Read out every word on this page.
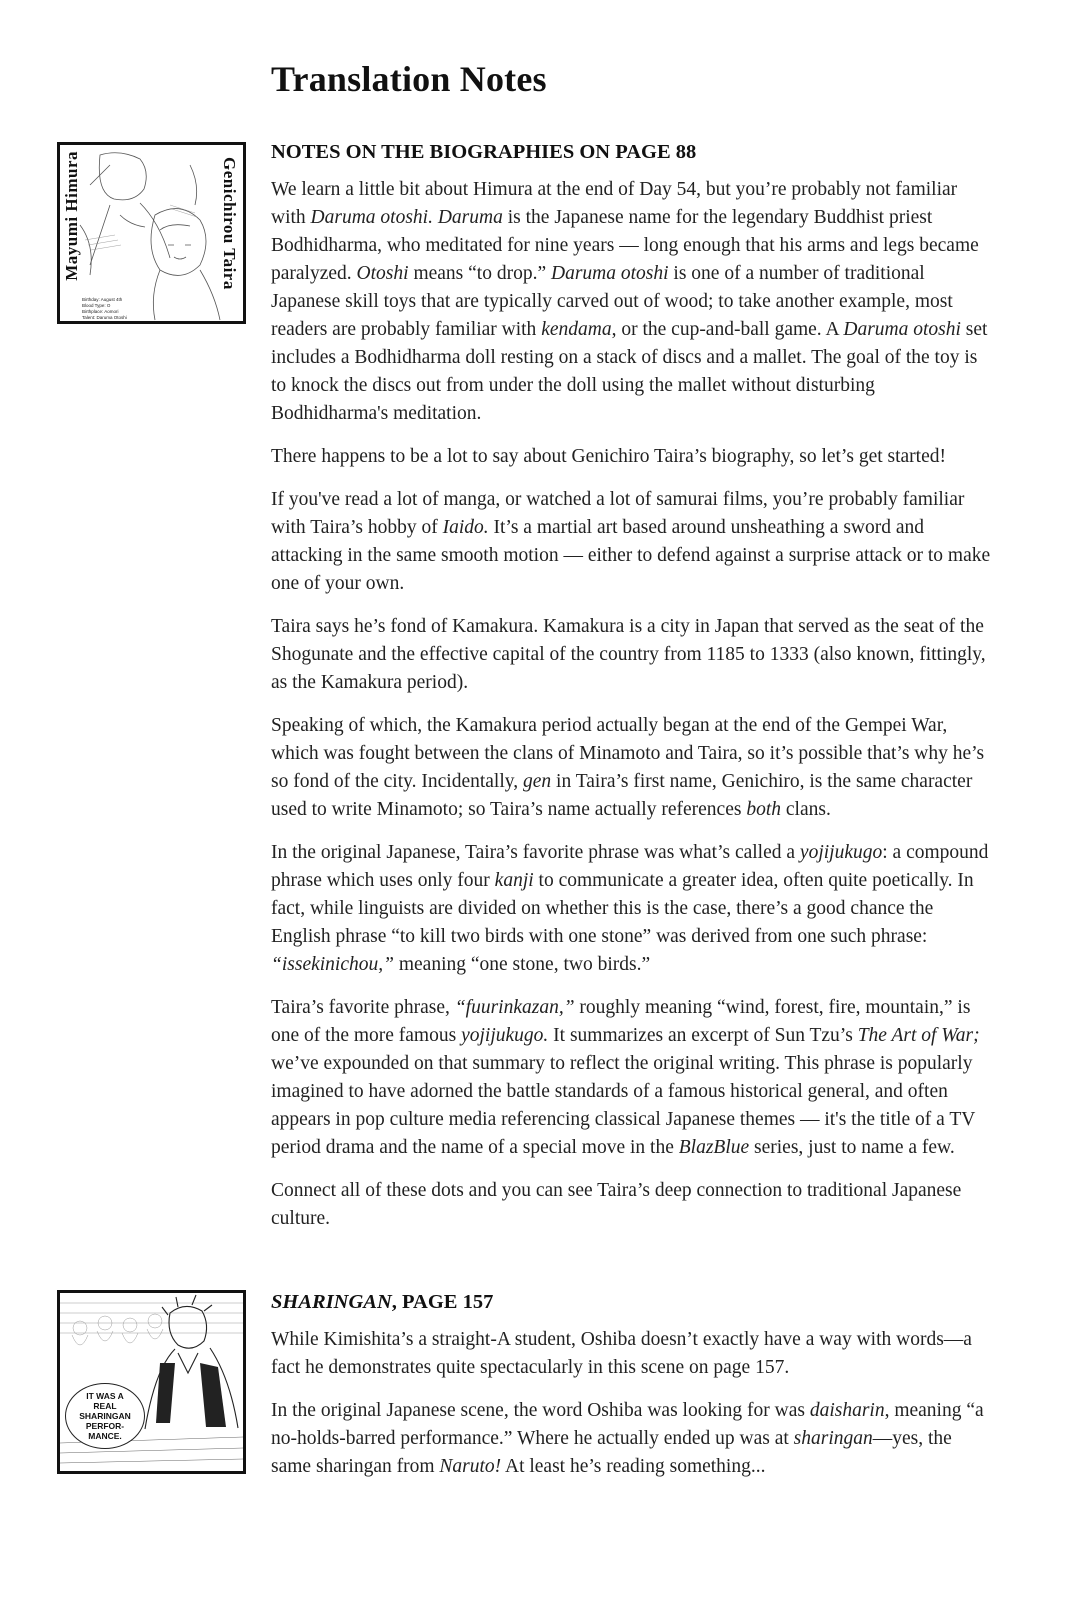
Translation Notes
Genichirou Taira
Mayumi Himura
Birthday: August 4th
Blood Type: O
Birthplace: Aomori
Talent: Daruma Otoshi
NOTES ON THE BIOGRAPHIES ON PAGE 88

We learn a little bit about Himura at the end of Day 54, but you’re probably not familiar with Daruma otoshi. Daruma is the Japanese name for the legendary Buddhist priest Bodhidharma, who meditated for nine years — long enough that his arms and legs became paralyzed. Otoshi means “to drop.” Daruma otoshi is one of a number of traditional Japanese skill toys that are typically carved out of wood; to take another example, most readers are probably familiar with kendama, or the cup-and-ball game. A Daruma otoshi set includes a Bodhidharma doll resting on a stack of discs and a mallet. The goal of the toy is to knock the discs out from under the doll using the mallet without disturbing Bodhidharma's meditation.

There happens to be a lot to say about Genichiro Taira’s biography, so let’s get started!

If you've read a lot of manga, or watched a lot of samurai films, you’re probably familiar with Taira’s hobby of Iaido. It’s a martial art based around unsheathing a sword and attacking in the same smooth motion — either to defend against a surprise attack or to make one of your own.

Taira says he’s fond of Kamakura. Kamakura is a city in Japan that served as the seat of the Shogunate and the effective capital of the country from 1185 to 1333 (also known, fittingly, as the Kamakura period).

Speaking of which, the Kamakura period actually began at the end of the Gempei War, which was fought between the clans of Minamoto and Taira, so it’s possible that’s why he’s so fond of the city. Incidentally, gen in Taira’s first name, Genichiro, is the same character used to write Minamoto; so Taira’s name actually references both clans.

In the original Japanese, Taira’s favorite phrase was what’s called a yojijukugo: a compound phrase which uses only four kanji to communicate a greater idea, often quite poetically. In fact, while linguists are divided on whether this is the case, there’s a good chance the English phrase “to kill two birds with one stone” was derived from one such phrase: “issekinichou,” meaning “one stone, two birds.”

Taira’s favorite phrase, “fuurinkazan,” roughly meaning “wind, forest, fire, mountain,” is one of the more famous yojijukugo. It summarizes an excerpt of Sun Tzu’s The Art of War; we’ve expounded on that summary to reflect the original writing. This phrase is popularly imagined to have adorned the battle standards of a famous historical general, and often appears in pop culture media referencing classical Japanese themes — it's the title of a TV period drama and the name of a special move in the BlazBlue series, just to name a few.

Connect all of these dots and you can see Taira’s deep connection to traditional Japanese culture.

IT WAS A REAL SHARINGAN PERFOR-MANCE.
SHARINGAN, PAGE 157

While Kimishita’s a straight-A student, Oshiba doesn’t exactly have a way with words—a fact he demonstrates quite spectacularly in this scene on page 157.

In the original Japanese scene, the word Oshiba was looking for was daisharin, meaning “a no-holds-barred performance.” Where he actually ended up was at sharingan—yes, the same sharingan from Naruto! At least he’s reading something...
